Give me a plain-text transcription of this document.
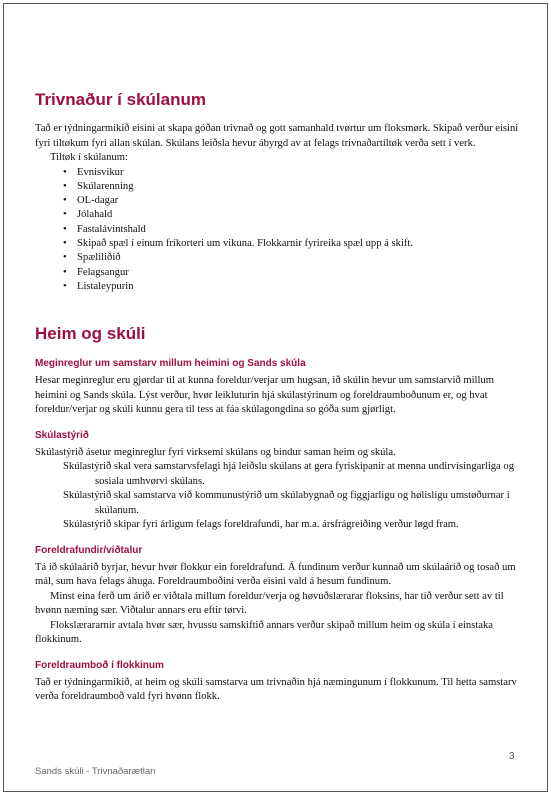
Trivnaður í skúlanum

Tað er týdningarmikið eisini at skapa góðan trivnað og gott samanhald tvørtur um floksmørk. Skipað verður eisini fyri tiltøkum fyri allan skúlan. Skúlans leiðsla hevur ábyrgd av at felags trivnaðartiltøk verða sett í verk.

Tiltøk í skúlanum:

• Evnisvikur
• Skúlarenning
• OL-dagar
• Jólahald
• Fastalávintshald
• Skipað spæl í einum fríkorteri um vikuna. Flokkarnir fyrireika spæl upp á skift.
• Spæliliðið
• Felagsangur
• Listaleypurin
Heim og skúli
Meginreglur um samstarv millum heimini og Sands skúla

Hesar meginreglur eru gjørdar til at kunna foreldur/verjar um hugsan, ið skúlin hevur um samstarvið millum heimini og Sands skúla. Lýst verður, hvør leikluturin hjá skúlastýrinum og foreldraumboðunum er, og hvat foreldur/verjar og skúli kunnu gera til tess at fáa skúlagongdina so góða sum gjørligt.

Skúlastýrið

Skúlastýrið ásetur meginreglur fyri virksemi skúlans og bindur saman heim og skúla.

Skúlastýrið skal vera samstarvsfelagi hjá leiðslu skúlans at gera fyriskipanir at menna undirvísingarliga og sosiala umhvørvi skúlans.

Skúlastýrið skal samstarva við kommunustýrið um skúlabygnað og fíggjarligu og hølisligu umstøðurnar í skúlanum.

Skúlastýrið skipar fyri árligum felags foreldrafundi, har m.a. ársfrágreiðing verður løgd fram.

Foreldrafundir/viðtalur

Tá ið skúlaárið byrjar, hevur hvør flokkur ein foreldrafund. Á fundinum verður kunnað um skúlaárið og tosað um mál, sum hava felags áhuga. Foreldraumboðini verða eisini vald á hesum fundinum.

Minst eina ferð um árið er viðtala millum foreldur/verja og høvuðslærarar floksins, har tíð verður sett av til hvønn næming sær. Viðtalur annars eru eftir tørvi.

Flokslærararnir avtala hvør sær, hvussu samskiftið annars verður skipað millum heim og skúla í einstaka flokkinum.

Foreldraumboð í flokkinum

Tað er týdningarmikið, at heim og skúli samstarva um trivnaðin hjá næmingunum í flokkunum. Til hetta samstarv verða foreldraumboð vald fyri hvønn flokk.

3
Sands skúli - Trivnaðarætlan
